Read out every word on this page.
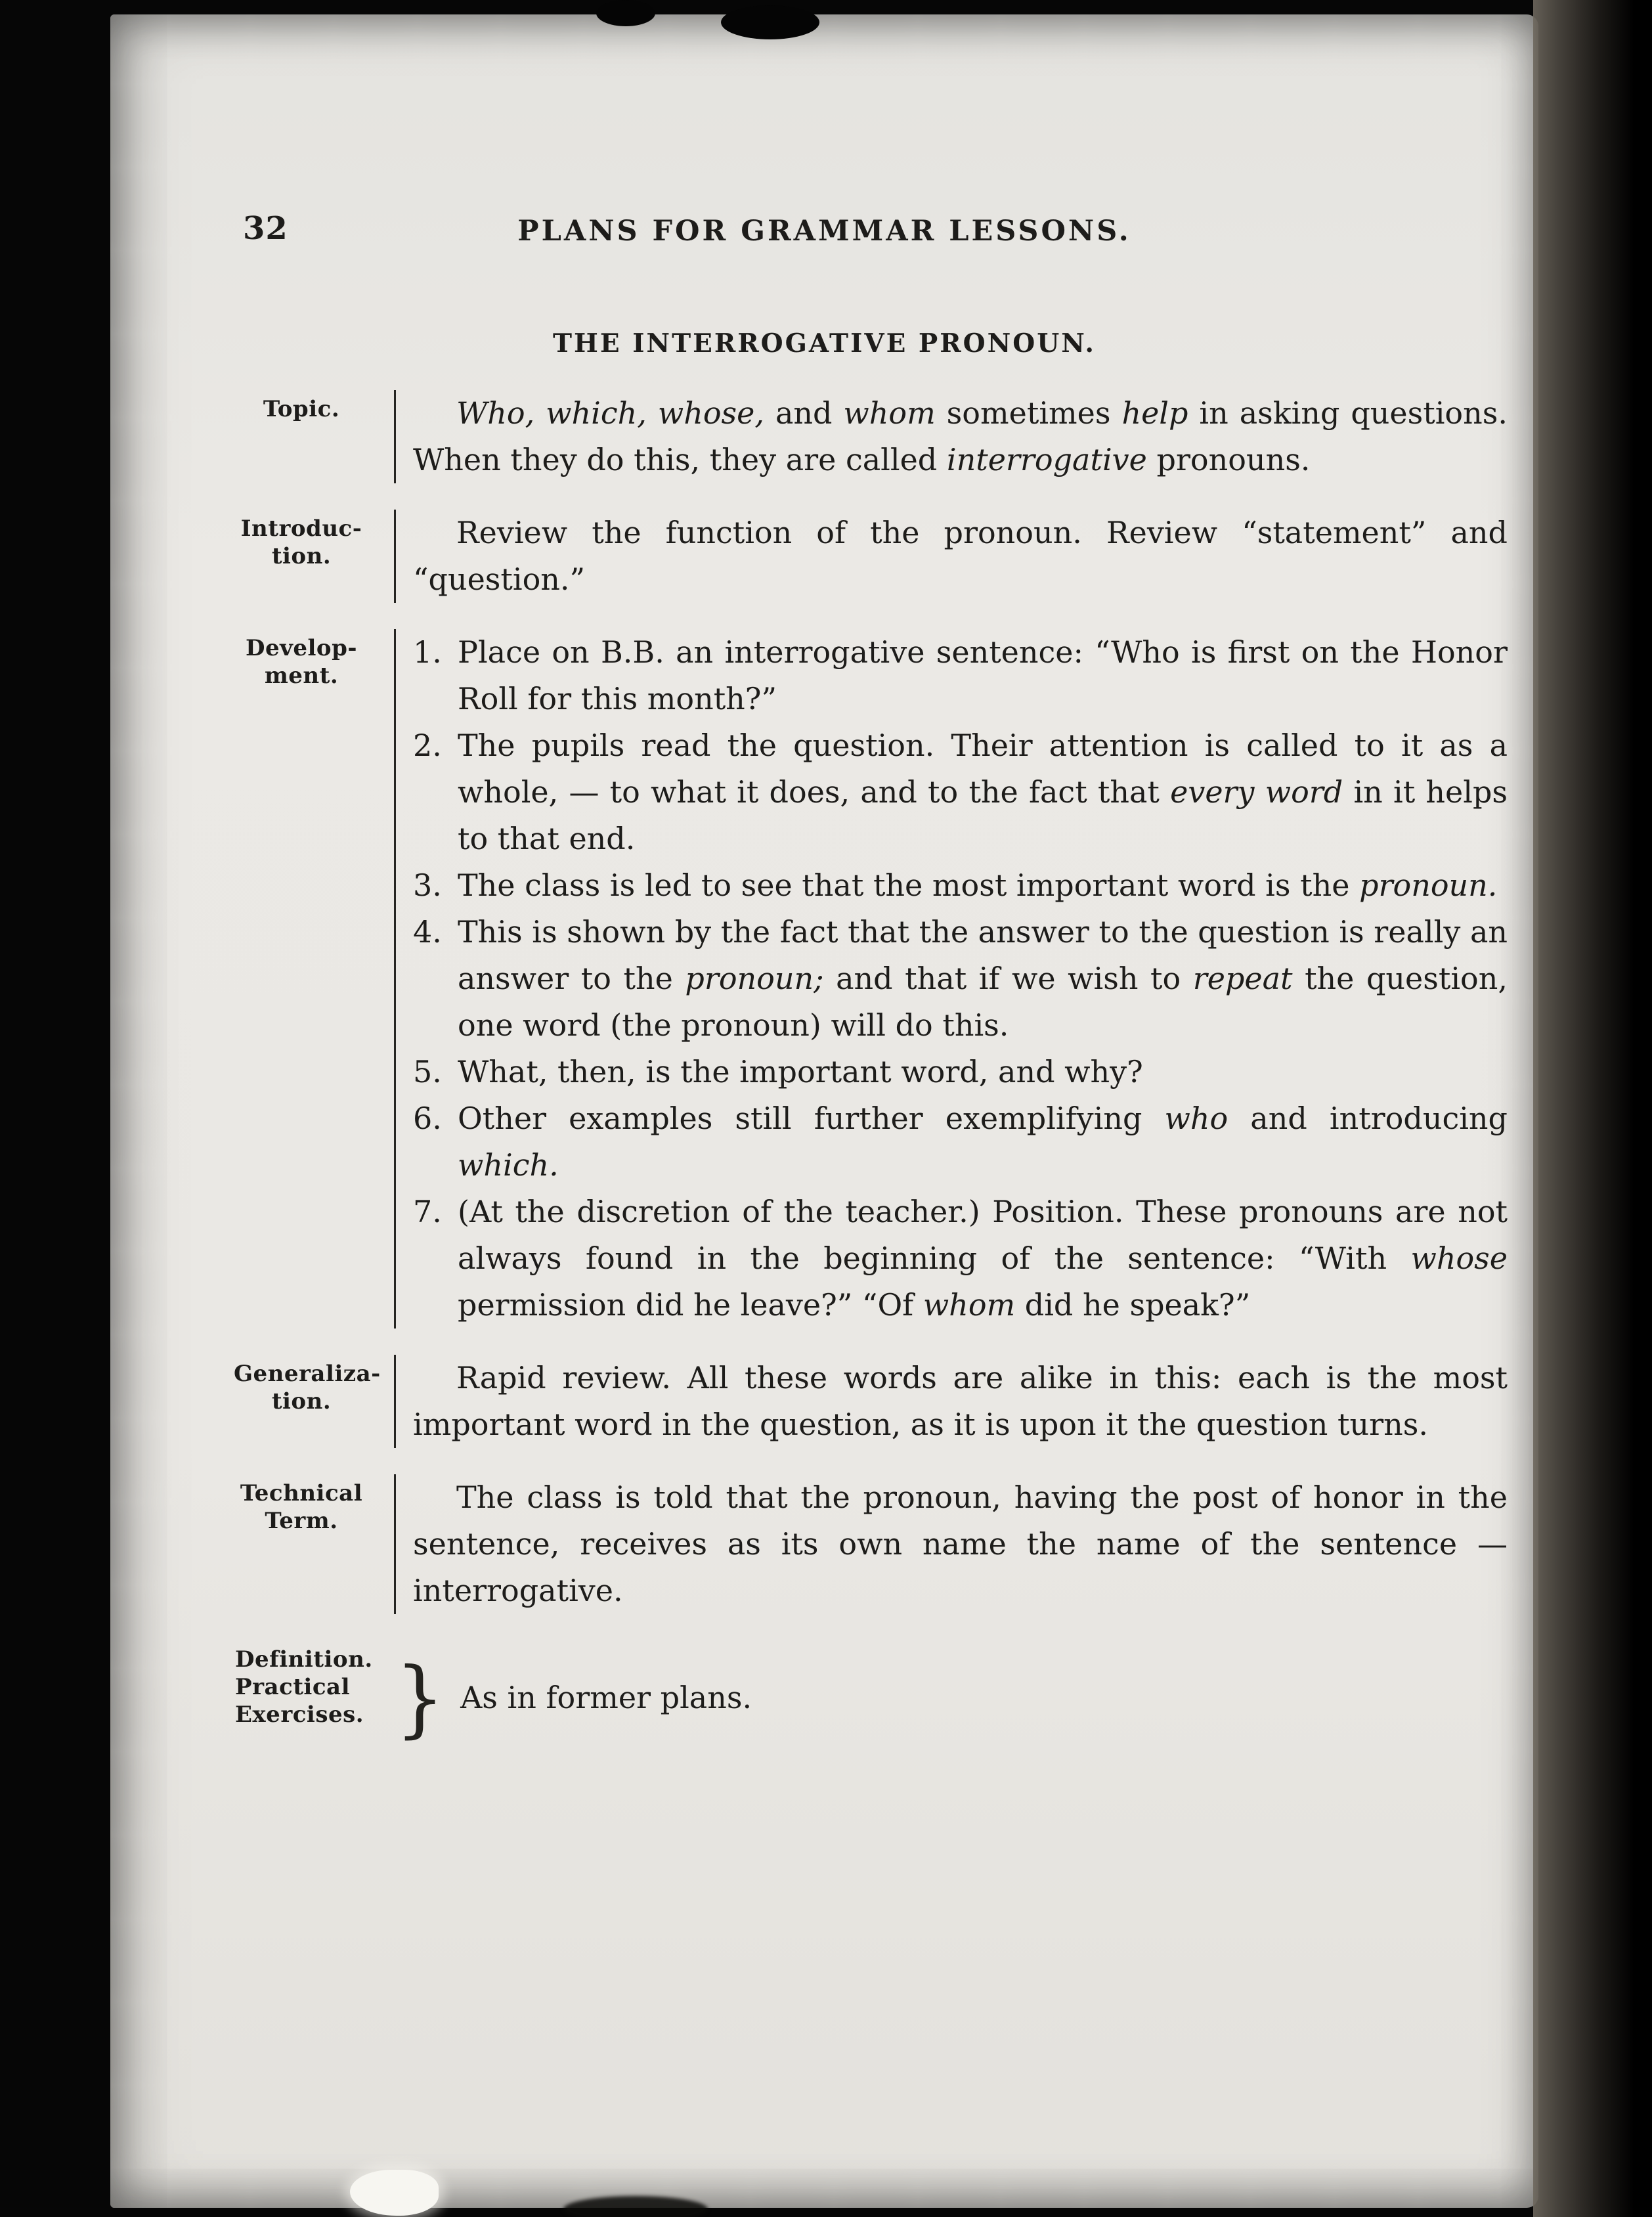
32	PLANS FOR GRAMMAR LESSONS.
THE INTERROGATIVE PRONOUN.
Topic.	Who, which, whose, and whom sometimes help in asking questions. When they do this, they are called interrogative pronouns.

Introduc-
tion.

Review the function of the pronoun. Review “statement” and “question.”

Develop-
ment.
1. Place on B.B. an interrogative sentence: “Who is first on the Honor Roll for this month?”
2. The pupils read the question. Their attention is called to it as a whole, — to what it does, and to the fact that every word in it helps to that end.
3. The class is led to see that the most important word is the pronoun.
4. This is shown by the fact that the answer to the question is really an answer to the pronoun; and that if we wish to repeat the question, one word (the pronoun) will do this.
5. What, then, is the important word, and why?
6. Other examples still further exemplifying who and introducing which.
7. (At the discretion of the teacher.) Position. These pronouns are not always found in the beginning of the sentence: “With whose permission did he leave?” “Of whom did he speak?”
Generaliza-
tion.

Rapid review. All these words are alike in this: each is the most important word in the question, as it is upon it the question turns.

Technical
Term.

The class is told that the pronoun, having the post of honor in the sentence, receives as its own name the name of the sentence — interrogative.

Definition.
Practical
Exercises. } As in former plans.
